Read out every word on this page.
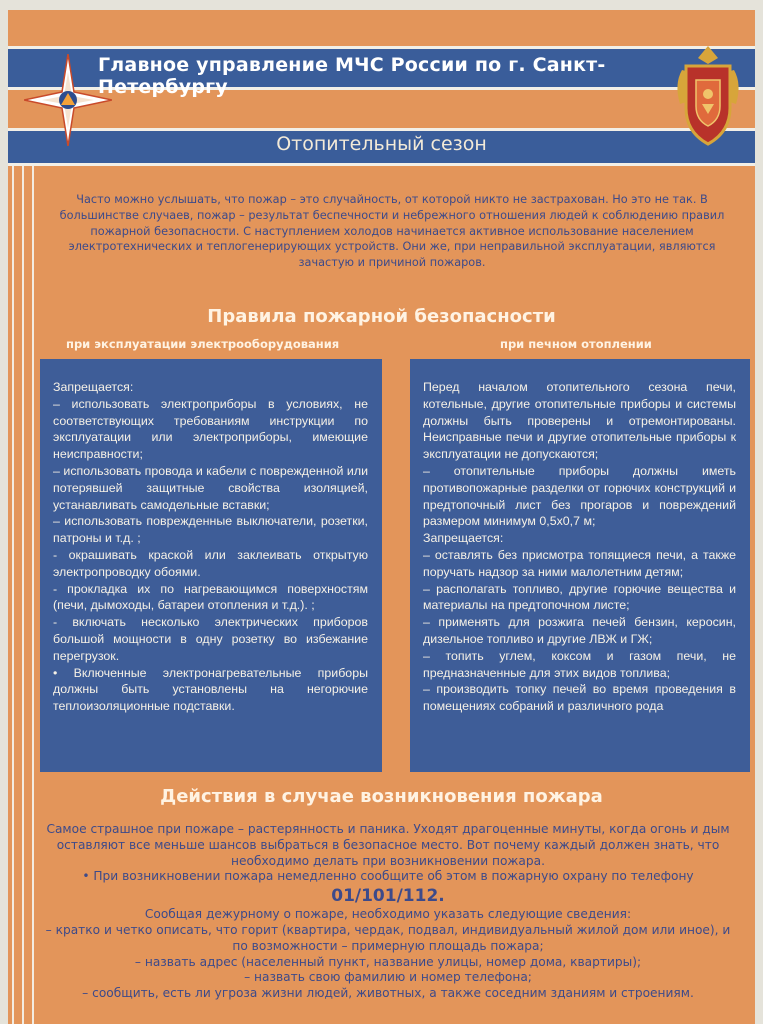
Главное управление МЧС России по г. Санкт-Петербургу
Отопительный сезон
Часто можно услышать, что пожар – это случайность, от которой никто не застрахован. Но это не так. В большинстве случаев, пожар – результат беспечности и небрежного отношения людей к соблюдению правил пожарной безопасности. С наступлением холодов начинается активное использование населением электротехнических и теплогенерирующих устройств. Они же, при неправильной эксплуатации, являются зачастую и причиной пожаров.
Правила пожарной безопасности
при эксплуатации электрооборудования	при печном отоплении

Запрещается:

– использовать электроприборы в условиях, не соответствующих требованиям инструкции по эксплуатации или электроприборы, имеющие неисправности;

– использовать провода и кабели с поврежденной или потерявшей защитные свойства изоляцией, устанавливать самодельные вставки;

– использовать поврежденные выключатели, розетки, патроны и т.д. ;

- окрашивать краской или заклеивать открытую электропроводку обоями.

- прокладка их по нагревающимся поверхностям (печи, дымоходы, батареи отопления и т.д.). ;

- включать несколько электрических приборов большой мощности в одну розетку во избежание перегрузок.

• Включенные электронагревательные приборы должны быть установлены на негорючие теплоизоляционные подставки.

Перед началом отопительного сезона печи, котельные, другие отопительные приборы и системы должны быть проверены и отремонтированы. Неисправные печи и другие отопительные приборы к эксплуатации не допускаются;

– отопительные приборы должны иметь противопожарные разделки от горючих конструкций и предтопочный лист без прогаров и повреждений размером минимум 0,5х0,7 м;

Запрещается:

– оставлять без присмотра топящиеся печи, а также поручать надзор за ними малолетним детям;

– располагать топливо, другие горючие вещества и материалы на предтопочном листе;

– применять для розжига печей бензин, керосин, дизельное топливо и другие ЛВЖ и ГЖ;

– топить углем, коксом и газом печи, не предназначенные для этих видов топлива;

– производить топку печей во время проведения в помещениях собраний и различного рода

Действия в случае возникновения пожара

Самое страшное при пожаре – растерянность и паника. Уходят драгоценные минуты, когда огонь и дым оставляют все меньше шансов выбраться в безопасное место. Вот почему каждый должен знать, что необходимо делать при возникновении пожара.

• При возникновении пожара немедленно сообщите об этом в пожарную охрану по телефону

01/101/112.

Сообщая дежурному о пожаре, необходимо указать следующие сведения:

– кратко и четко описать, что горит (квартира, чердак, подвал, индивидуальный жилой дом или иное), и по возможности – примерную площадь пожара;

– назвать адрес (населенный пункт, название улицы, номер дома, квартиры);

– назвать свою фамилию и номер телефона;

– сообщить, есть ли угроза жизни людей, животных, а также соседним зданиям и строениям.
